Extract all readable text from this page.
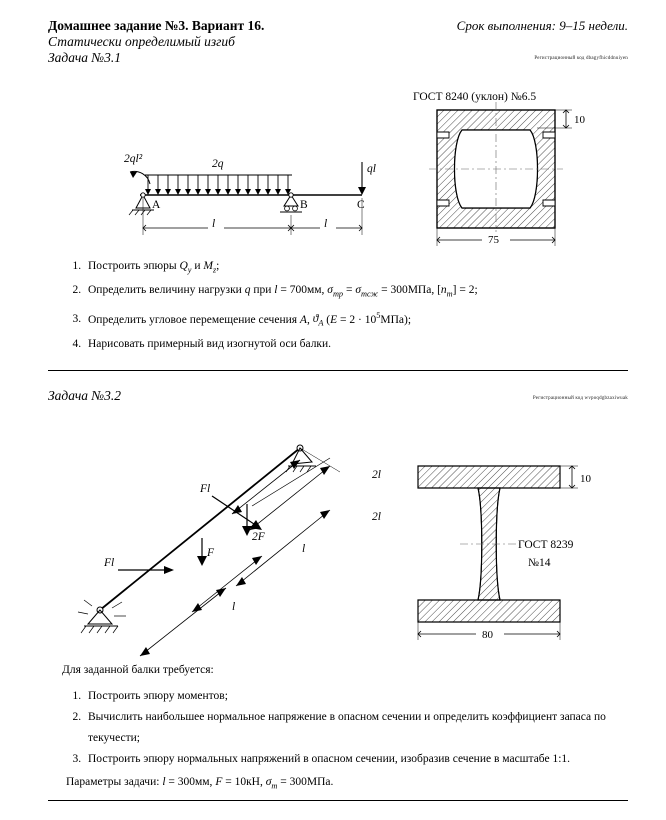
Домашнее задание №3. Вариант 16.
Статически определимый изгиб
Срок выполнения: 9–15 недели.
Задача №3.1	Регистрационный код dbagyfhicddnuiyen
10
75
ГОСТ 8240 (уклон) №6.5
2q
2ql²
ql
A	B	C
l	l
1. Построить эпюры $Q_y$ и $M_z$;
2. Определить величину нагрузки q при l = 700мм, $\sigma_{тр} = \sigma_{тсж} = 300МПа$, $[n_т] = 2$;
3. Определить угловое перемещение сечения A, $ϑ_A$ $(E = 2 \cdot 10^5МПа)$;
4. Нарисовать примерный вид изогнутой оси балки.
Задача №3.2	Регистрационный код wvpoqdgbzaxiwuak
10
80
ГОСТ 8239
№14
Fl
Fl
2F
F
2l
2l
l
l
Для заданной балки требуется:
1. Построить эпюру моментов;
2. Вычислить наибольшее нормальное напряжение в опасном сечении и определить коэффициент запаса по текучести;
3. Построить эпюру нормальных напряжений в опасном сечении, изобразив сечение в масштабе 1:1.
Параметры задачи: l = 300мм, F = 10кН, $\sigma_т = 300МПа$.
